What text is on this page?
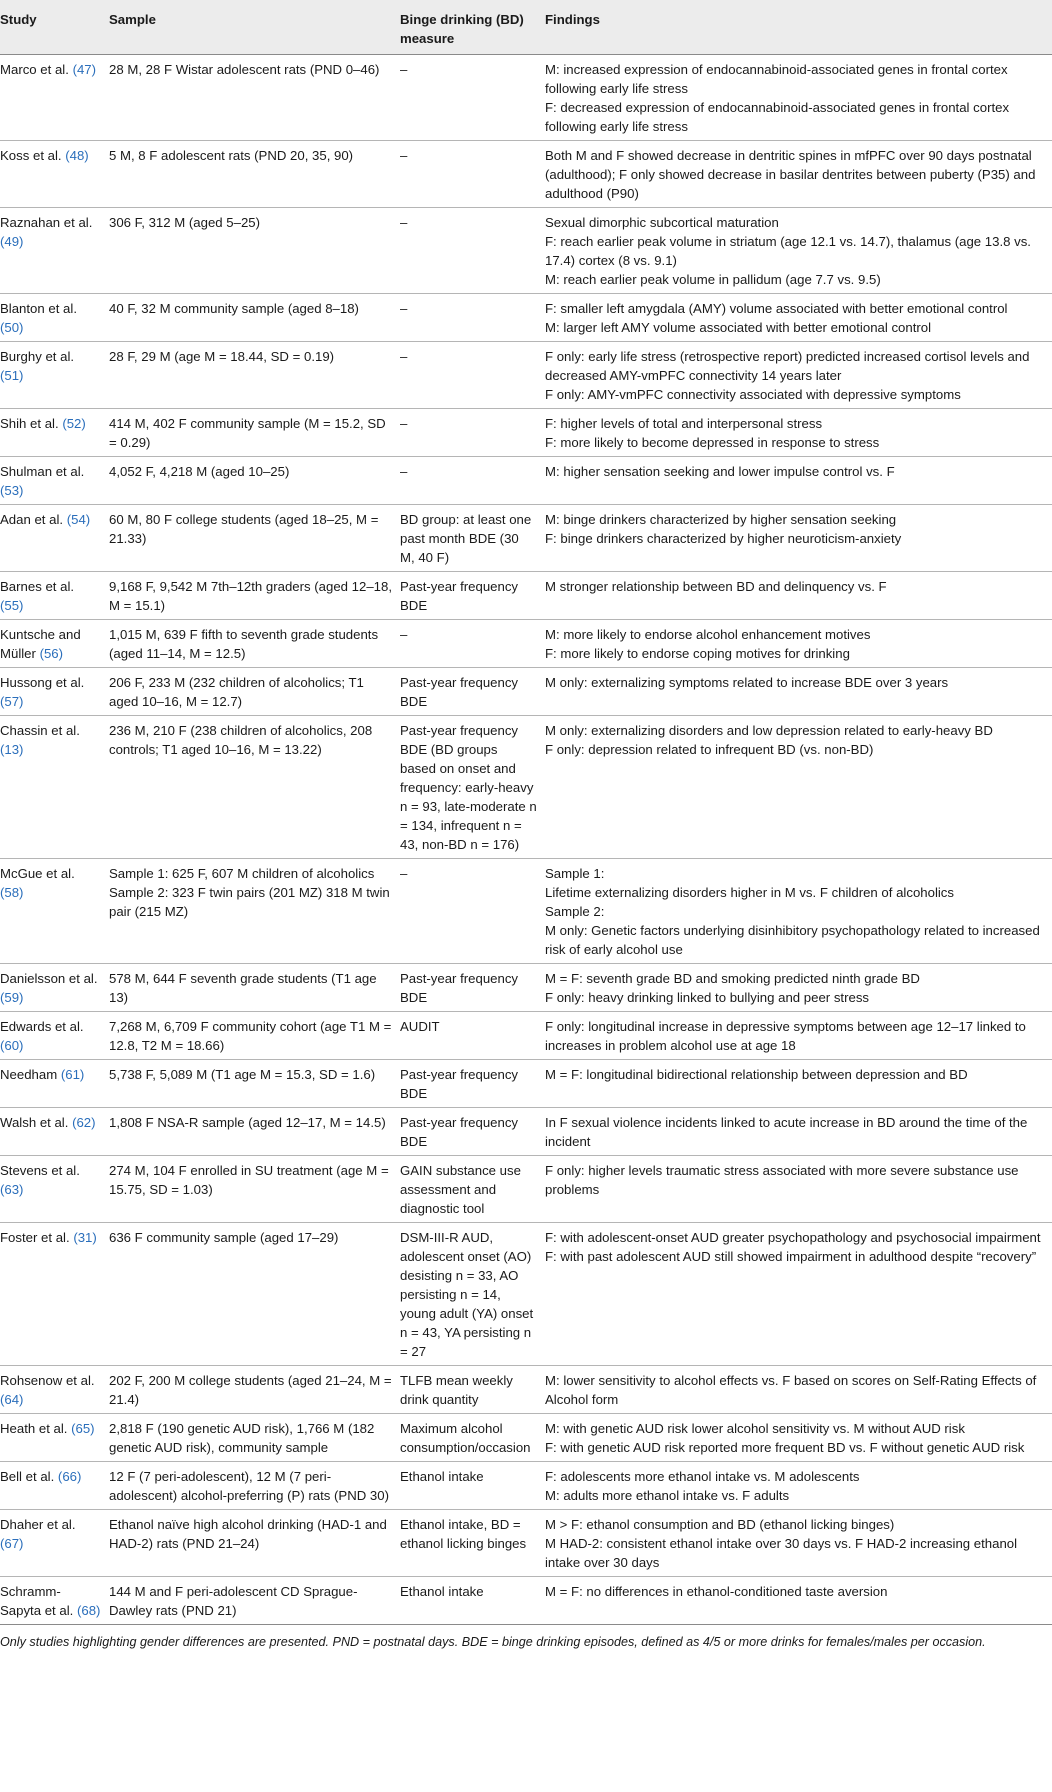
Study	Sample	Binge drinking (BD) measure	Findings
Marco et al. (47)	28 M, 28 F Wistar adolescent rats (PND 0–46)	–	M: increased expression of endocannabinoid-associated genes in frontal cortex following early life stress
F: decreased expression of endocannabinoid-associated genes in frontal cortex following early life stress

Koss et al. (48)	5 M, 8 F adolescent rats (PND 20, 35, 90)	–	Both M and F showed decrease in dentritic spines in mfPFC over 90 days postnatal (adulthood); F only showed decrease in basilar dentrites between puberty (P35) and adulthood (P90)

Raznahan et al. (49)	306 F, 312 M (aged 5–25)	–	Sexual dimorphic subcortical maturation
F: reach earlier peak volume in striatum (age 12.1 vs. 14.7), thalamus (age 13.8 vs. 17.4) cortex (8 vs. 9.1)
M: reach earlier peak volume in pallidum (age 7.7 vs. 9.5)

Blanton et al. (50)	40 F, 32 M community sample (aged 8–18)	–	F: smaller left amygdala (AMY) volume associated with better emotional control
M: larger left AMY volume associated with better emotional control

Burghy et al. (51)	28 F, 29 M (age M = 18.44, SD = 0.19)	–	F only: early life stress (retrospective report) predicted increased cortisol levels and decreased AMY-vmPFC connectivity 14 years later
F only: AMY-vmPFC connectivity associated with depressive symptoms

Shih et al. (52)	414 M, 402 F community sample (M = 15.2, SD = 0.29)	–	F: higher levels of total and interpersonal stress
F: more likely to become depressed in response to stress

Shulman et al. (53)	4,052 F, 4,218 M (aged 10–25)	–	M: higher sensation seeking and lower impulse control vs. F

Adan et al. (54)	60 M, 80 F college students (aged 18–25, M = 21.33)	BD group: at least one past month BDE (30 M, 40 F)	M: binge drinkers characterized by higher sensation seeking
F: binge drinkers characterized by higher neuroticism-anxiety

Barnes et al. (55)	9,168 F, 9,542 M 7th–12th graders (aged 12–18, M = 15.1)	Past-year frequency BDE	M stronger relationship between BD and delinquency vs. F

Kuntsche and Müller (56)	1,015 M, 639 F fifth to seventh grade students (aged 11–14, M = 12.5)	–	M: more likely to endorse alcohol enhancement motives
F: more likely to endorse coping motives for drinking

Hussong et al. (57)	206 F, 233 M (232 children of alcoholics; T1 aged 10–16, M = 12.7)	Past-year frequency BDE	M only: externalizing symptoms related to increase BDE over 3 years

Chassin et al. (13)	236 M, 210 F (238 children of alcoholics, 208 controls; T1 aged 10–16, M = 13.22)	Past-year frequency BDE (BD groups based on onset and frequency: early-heavy n = 93, late-moderate n = 134, infrequent n = 43, non-BD n = 176)	M only: externalizing disorders and low depression related to early-heavy BD
F only: depression related to infrequent BD (vs. non-BD)

McGue et al. (58)	Sample 1: 625 F, 607 M children of alcoholics
Sample 2: 323 F twin pairs (201 MZ) 318 M twin pair (215 MZ)	–	Sample 1:
Lifetime externalizing disorders higher in M vs. F children of alcoholics
Sample 2:
M only: Genetic factors underlying disinhibitory psychopathology related to increased risk of early alcohol use

Danielsson et al. (59)	578 M, 644 F seventh grade students (T1 age 13)	Past-year frequency BDE	M = F: seventh grade BD and smoking predicted ninth grade BD
F only: heavy drinking linked to bullying and peer stress

Edwards et al. (60)	7,268 M, 6,709 F community cohort (age T1 M = 12.8, T2 M = 18.66)	AUDIT	F only: longitudinal increase in depressive symptoms between age 12–17 linked to increases in problem alcohol use at age 18

Needham (61)	5,738 F, 5,089 M (T1 age M = 15.3, SD = 1.6)	Past-year frequency BDE	M = F: longitudinal bidirectional relationship between depression and BD

Walsh et al. (62)	1,808 F NSA-R sample (aged 12–17, M = 14.5)	Past-year frequency BDE	In F sexual violence incidents linked to acute increase in BD around the time of the incident

Stevens et al. (63)	274 M, 104 F enrolled in SU treatment (age M = 15.75, SD = 1.03)	GAIN substance use assessment and diagnostic tool	F only: higher levels traumatic stress associated with more severe substance use problems

Foster et al. (31)	636 F community sample (aged 17–29)	DSM-III-R AUD, adolescent onset (AO) desisting n = 33, AO persisting n = 14, young adult (YA) onset n = 43, YA persisting n = 27	F: with adolescent-onset AUD greater psychopathology and psychosocial impairment
F: with past adolescent AUD still showed impairment in adulthood despite “recovery”

Rohsenow et al. (64)	202 F, 200 M college students (aged 21–24, M = 21.4)	TLFB mean weekly drink quantity	M: lower sensitivity to alcohol effects vs. F based on scores on Self-Rating Effects of Alcohol form

Heath et al. (65)	2,818 F (190 genetic AUD risk), 1,766 M (182 genetic AUD risk), community sample	Maximum alcohol consumption/occasion	M: with genetic AUD risk lower alcohol sensitivity vs. M without AUD risk
F: with genetic AUD risk reported more frequent BD vs. F without genetic AUD risk

Bell et al. (66)	12 F (7 peri-adolescent), 12 M (7 peri-adolescent) alcohol-preferring (P) rats (PND 30)	Ethanol intake	F: adolescents more ethanol intake vs. M adolescents
M: adults more ethanol intake vs. F adults

Dhaher et al. (67)	Ethanol naïve high alcohol drinking (HAD-1 and HAD-2) rats (PND 21–24)	Ethanol intake, BD = ethanol licking binges	M > F: ethanol consumption and BD (ethanol licking binges)
M HAD-2: consistent ethanol intake over 30 days vs. F HAD-2 increasing ethanol intake over 30 days

Schramm-Sapyta et al. (68)	144 M and F peri-adolescent CD Sprague-Dawley rats (PND 21)	Ethanol intake	M = F: no differences in ethanol-conditioned taste aversion
Only studies highlighting gender differences are presented. PND = postnatal days. BDE = binge drinking episodes, defined as 4/5 or more drinks for females/males per occasion.
